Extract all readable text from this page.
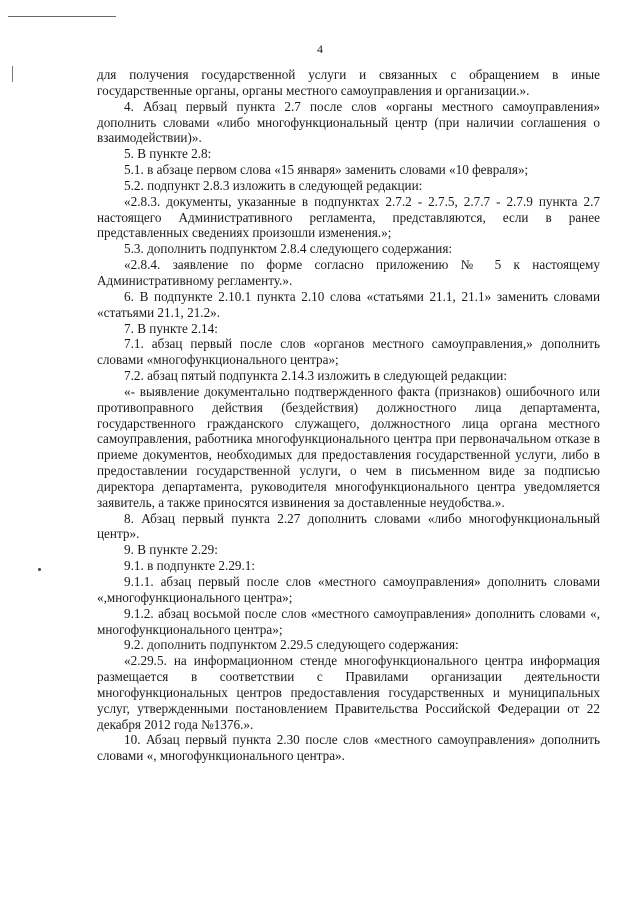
4

для получения государственной услуги и связанных с обращением в иные государственные органы, органы местного самоуправления и организации.».

4. Абзац первый пункта 2.7 после слов «органы местного самоуправления» дополнить словами «либо многофункциональный центр (при наличии соглашения о взаимодействии)».

5. В пункте 2.8:

5.1. в абзаце первом слова «15 января» заменить словами «10 февраля»;

5.2. подпункт 2.8.3 изложить в следующей редакции:

«2.8.3. документы, указанные в подпунктах 2.7.2 - 2.7.5, 2.7.7 - 2.7.9 пункта 2.7 настоящего Административного регламента, представляются, если в ранее представленных сведениях произошли изменения.»;

5.3. дополнить подпунктом 2.8.4 следующего содержания:

«2.8.4. заявление по форме согласно приложению № 5 к настоящему Административному регламенту.».

6. В подпункте 2.10.1 пункта 2.10 слова «статьями 21.1, 21.1» заменить словами «статьями 21.1, 21.2».

7. В пункте 2.14:

7.1. абзац первый после слов «органов местного самоуправления,» дополнить словами «многофункционального центра»;

7.2. абзац пятый подпункта 2.14.3 изложить в следующей редакции:

«- выявление документально подтвержденного факта (признаков) ошибочного или противоправного действия (бездействия) должностного лица департамента, государственного гражданского служащего, должностного лица органа местного самоуправления, работника многофункционального центра при первоначальном отказе в приеме документов, необходимых для предоставления государственной услуги, либо в предоставлении государственной услуги, о чем в письменном виде за подписью директора департамента, руководителя многофункционального центра уведомляется заявитель, а также приносятся извинения за доставленные неудобства.».

8. Абзац первый пункта 2.27 дополнить словами «либо многофункциональный центр».

9. В пункте 2.29:

9.1. в подпункте 2.29.1:

9.1.1. абзац первый после слов «местного самоуправления» дополнить словами «,многофункционального центра»;

9.1.2. абзац восьмой после слов «местного самоуправления» дополнить словами «, многофункционального центра»;

9.2. дополнить подпунктом 2.29.5 следующего содержания:

«2.29.5. на информационном стенде многофункционального центра информация размещается в соответствии с Правилами организации деятельности многофункциональных центров предоставления государственных и муниципальных услуг, утвержденными постановлением Правительства Российской Федерации от 22 декабря 2012 года №1376.».

10. Абзац первый пункта 2.30 после слов «местного самоуправления» дополнить словами «, многофункционального центра».
